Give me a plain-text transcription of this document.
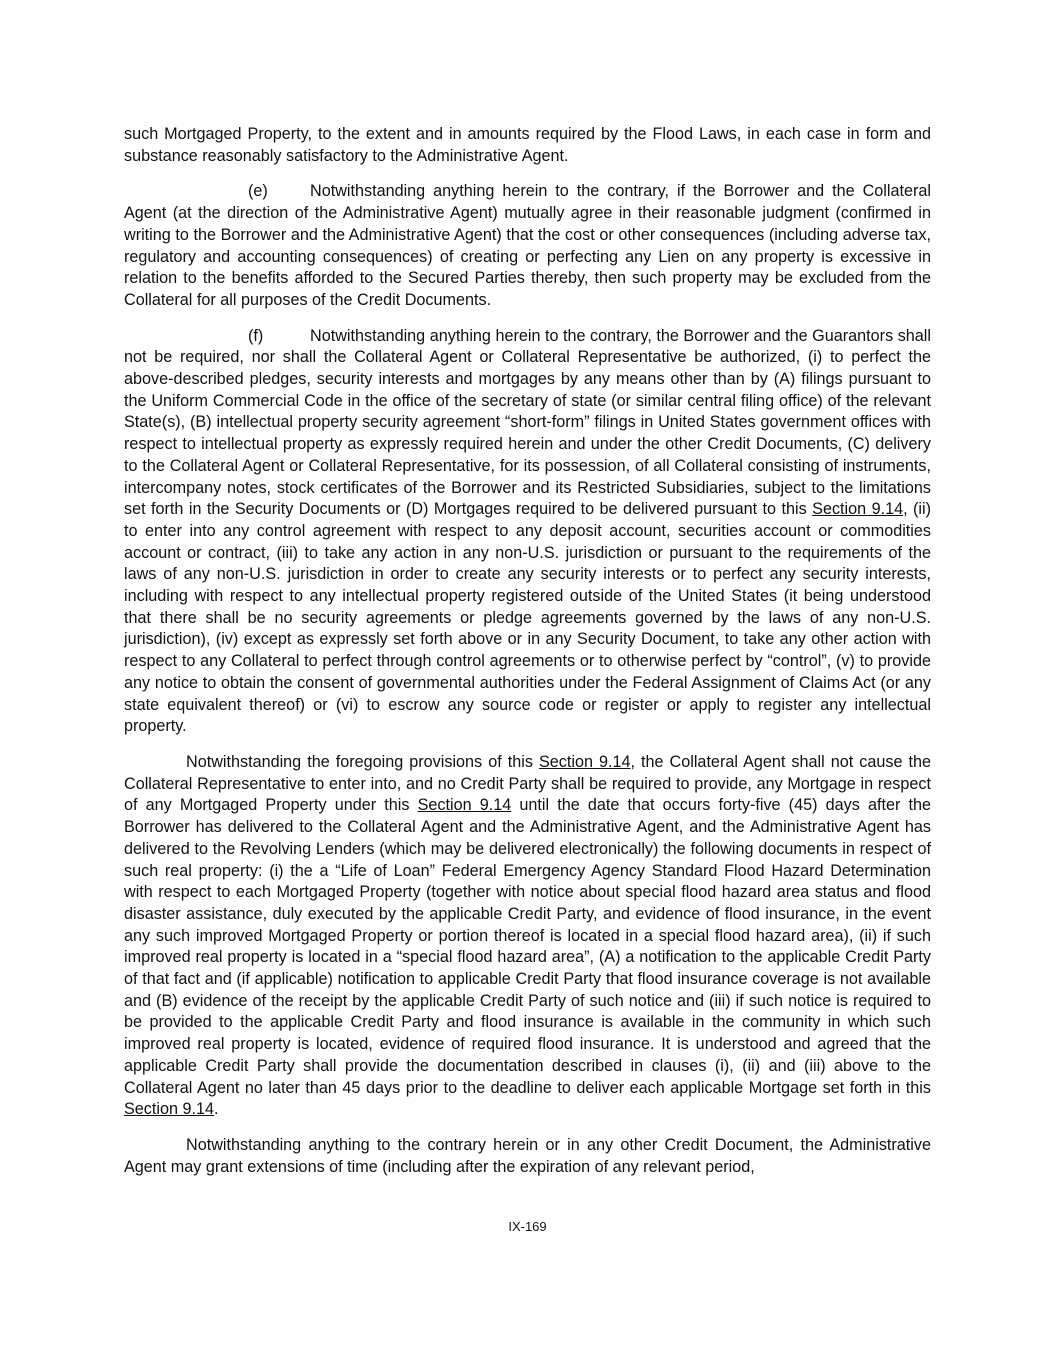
such Mortgaged Property, to the extent and in amounts required by the Flood Laws, in each case in form and substance reasonably satisfactory to the Administrative Agent.

(e)	Notwithstanding anything herein to the contrary, if the Borrower and the Collateral Agent (at the direction of the Administrative Agent) mutually agree in their reasonable judgment (confirmed in writing to the Borrower and the Administrative Agent) that the cost or other consequences (including adverse tax, regulatory and accounting consequences) of creating or perfecting any Lien on any property is excessive in relation to the benefits afforded to the Secured Parties thereby, then such property may be excluded from the Collateral for all purposes of the Credit Documents.

(f)	Notwithstanding anything herein to the contrary, the Borrower and the Guarantors shall not be required, nor shall the Collateral Agent or Collateral Representative be authorized, (i) to perfect the above-described pledges, security interests and mortgages by any means other than by (A) filings pursuant to the Uniform Commercial Code in the office of the secretary of state (or similar central filing office) of the relevant State(s), (B) intellectual property security agreement “short-form” filings in United States government offices with respect to intellectual property as expressly required herein and under the other Credit Documents, (C) delivery to the Collateral Agent or Collateral Representative, for its possession, of all Collateral consisting of instruments, intercompany notes, stock certificates of the Borrower and its Restricted Subsidiaries, subject to the limitations set forth in the Security Documents or (D) Mortgages required to be delivered pursuant to this Section 9.14, (ii) to enter into any control agreement with respect to any deposit account, securities account or commodities account or contract, (iii) to take any action in any non-U.S. jurisdiction or pursuant to the requirements of the laws of any non-U.S. jurisdiction in order to create any security interests or to perfect any security interests, including with respect to any intellectual property registered outside of the United States (it being understood that there shall be no security agreements or pledge agreements governed by the laws of any non-U.S. jurisdiction), (iv) except as expressly set forth above or in any Security Document, to take any other action with respect to any Collateral to perfect through control agreements or to otherwise perfect by “control”, (v) to provide any notice to obtain the consent of governmental authorities under the Federal Assignment of Claims Act (or any state equivalent thereof) or (vi) to escrow any source code or register or apply to register any intellectual property.

Notwithstanding the foregoing provisions of this Section 9.14, the Collateral Agent shall not cause the Collateral Representative to enter into, and no Credit Party shall be required to provide, any Mortgage in respect of any Mortgaged Property under this Section 9.14 until the date that occurs forty-five (45) days after the Borrower has delivered to the Collateral Agent and the Administrative Agent, and the Administrative Agent has delivered to the Revolving Lenders (which may be delivered electronically) the following documents in respect of such real property: (i) the a “Life of Loan” Federal Emergency Agency Standard Flood Hazard Determination with respect to each Mortgaged Property (together with notice about special flood hazard area status and flood disaster assistance, duly executed by the applicable Credit Party, and evidence of flood insurance, in the event any such improved Mortgaged Property or portion thereof is located in a special flood hazard area), (ii) if such improved real property is located in a “special flood hazard area”, (A) a notification to the applicable Credit Party of that fact and (if applicable) notification to applicable Credit Party that flood insurance coverage is not available and (B) evidence of the receipt by the applicable Credit Party of such notice and (iii) if such notice is required to be provided to the applicable Credit Party and flood insurance is available in the community in which such improved real property is located, evidence of required flood insurance. It is understood and agreed that the applicable Credit Party shall provide the documentation described in clauses (i), (ii) and (iii) above to the Collateral Agent no later than 45 days prior to the deadline to deliver each applicable Mortgage set forth in this Section 9.14.

Notwithstanding anything to the contrary herein or in any other Credit Document, the Administrative Agent may grant extensions of time (including after the expiration of any relevant period,

IX-169
